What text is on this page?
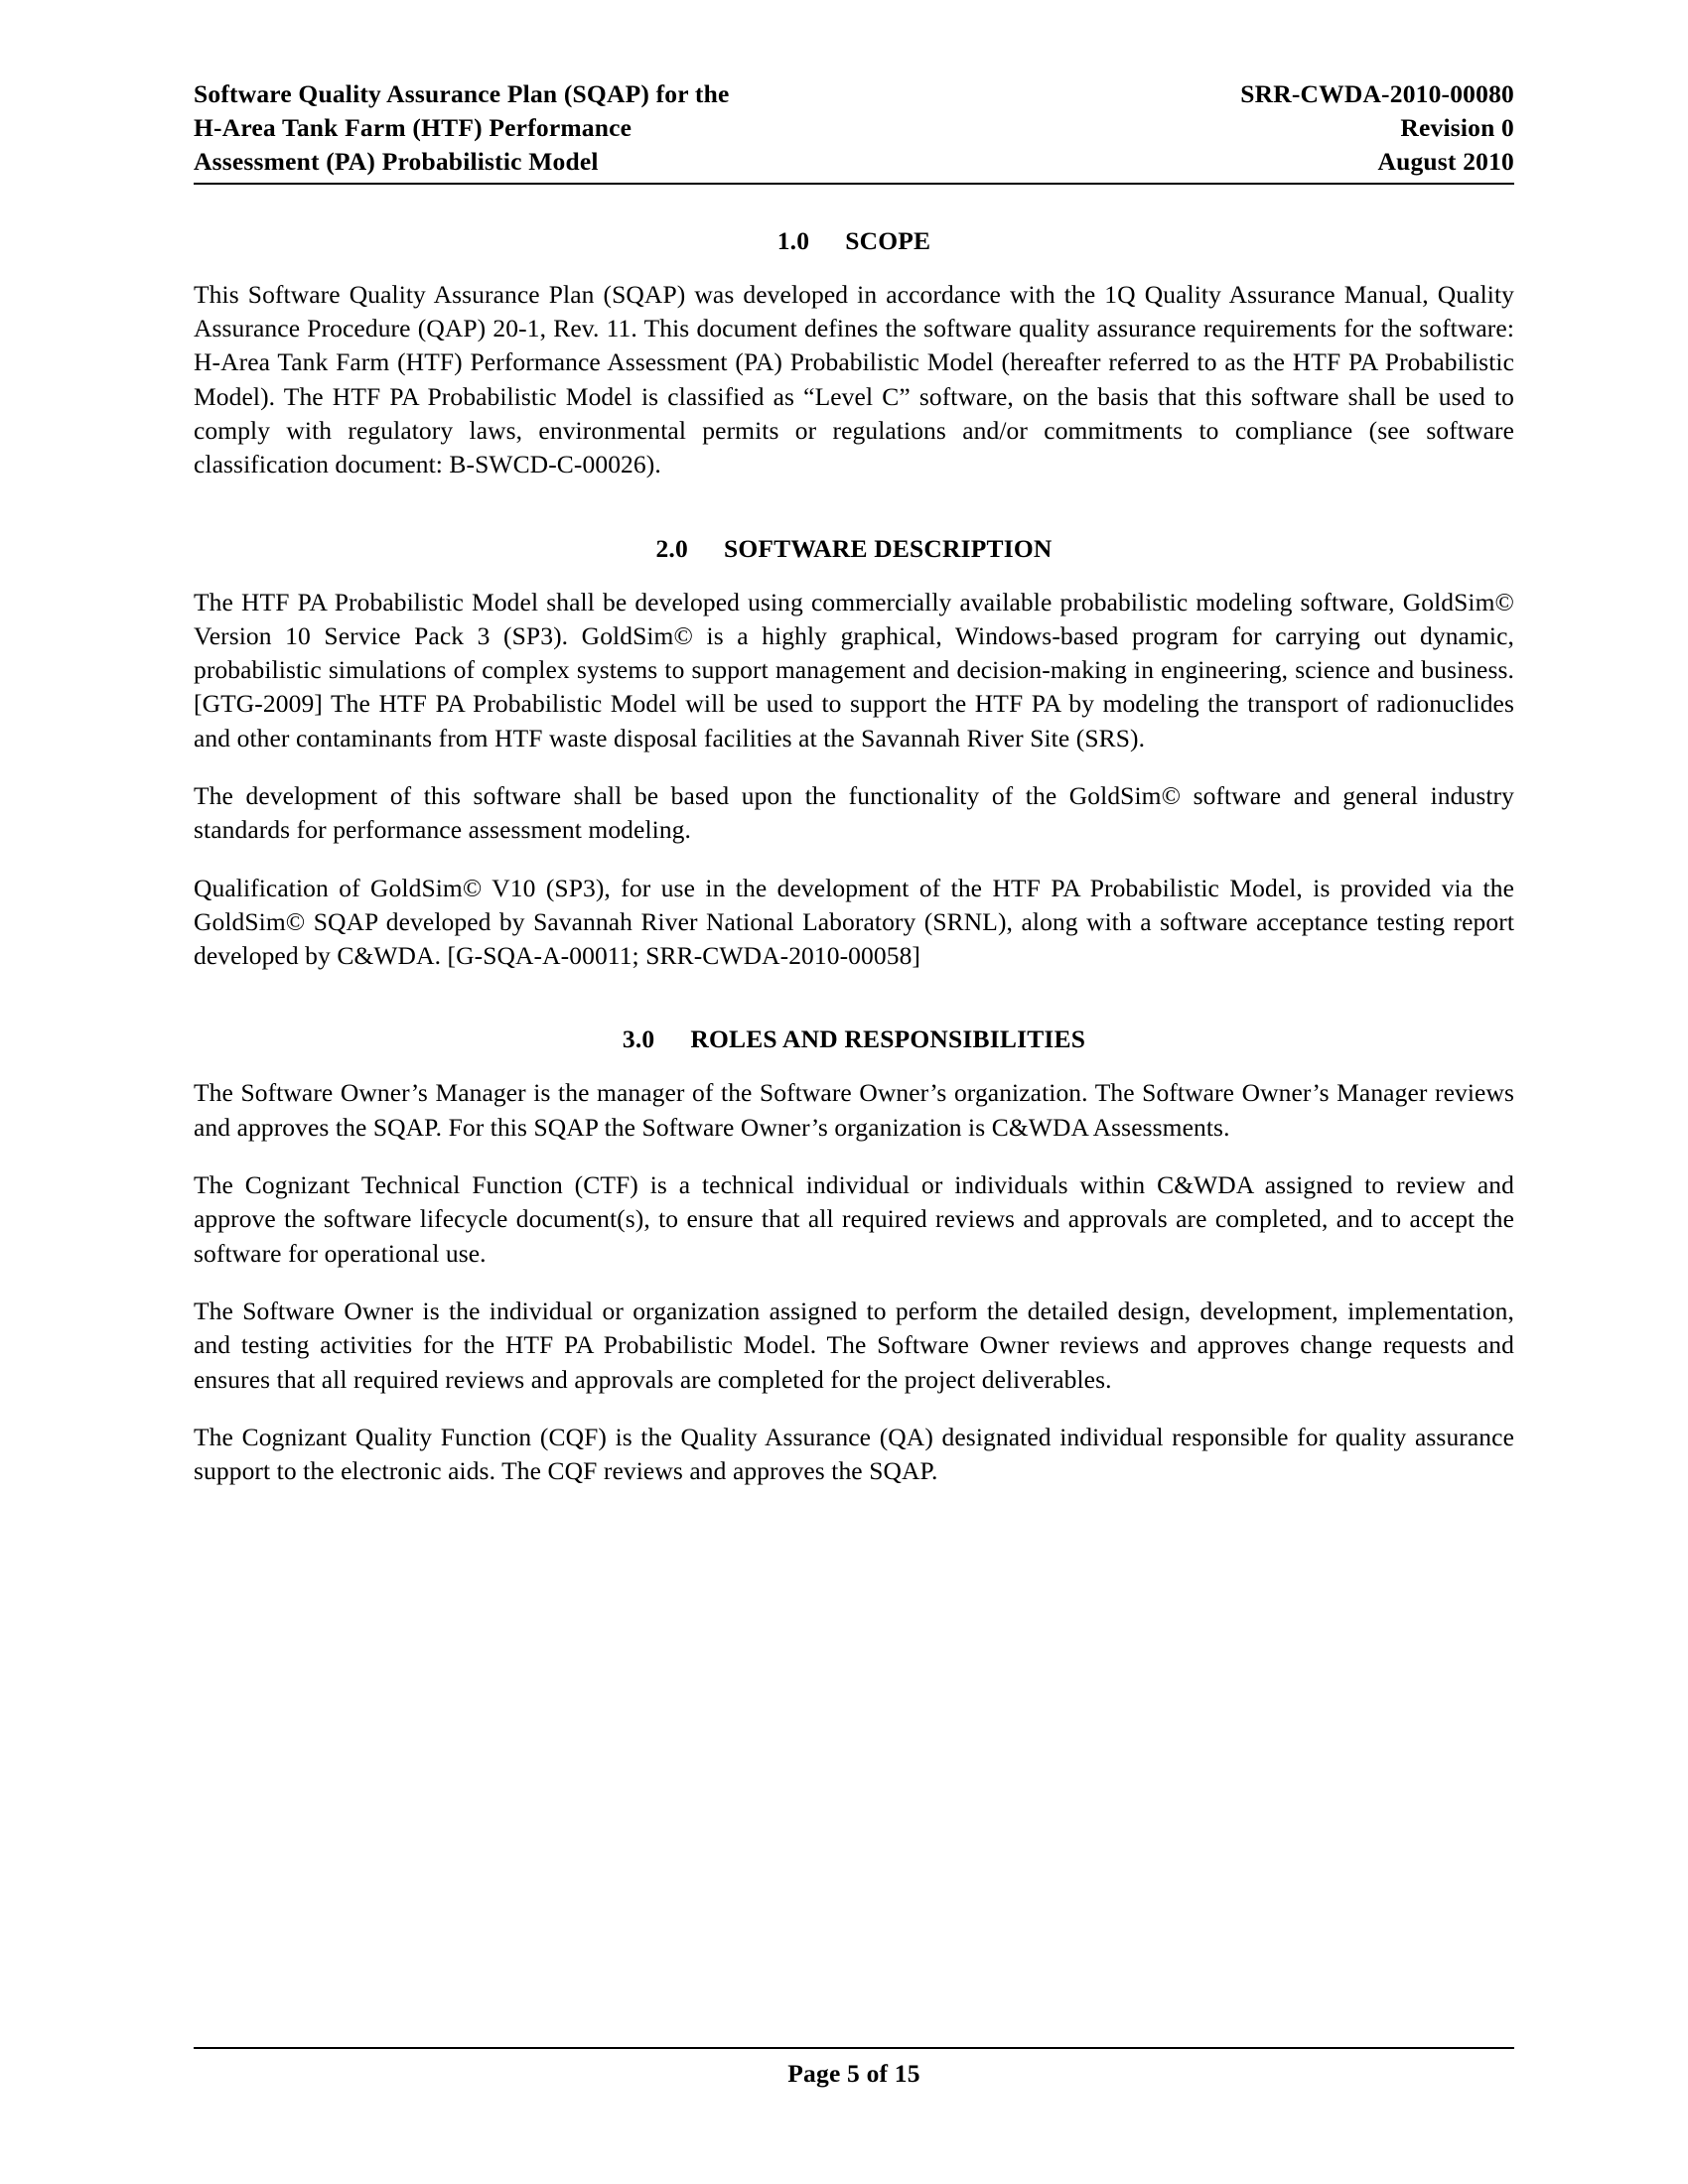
Software Quality Assurance Plan (SQAP) for the
H-Area Tank Farm (HTF) Performance
Assessment (PA) Probabilistic Model
SRR-CWDA-2010-00080
Revision 0
August 2010
1.0 SCOPE

This Software Quality Assurance Plan (SQAP) was developed in accordance with the 1Q Quality Assurance Manual, Quality Assurance Procedure (QAP) 20-1, Rev. 11. This document defines the software quality assurance requirements for the software: H-Area Tank Farm (HTF) Performance Assessment (PA) Probabilistic Model (hereafter referred to as the HTF PA Probabilistic Model). The HTF PA Probabilistic Model is classified as “Level C” software, on the basis that this software shall be used to comply with regulatory laws, environmental permits or regulations and/or commitments to compliance (see software classification document: B-SWCD-C-00026).

2.0 SOFTWARE DESCRIPTION

The HTF PA Probabilistic Model shall be developed using commercially available probabilistic modeling software, GoldSim© Version 10 Service Pack 3 (SP3). GoldSim© is a highly graphical, Windows-based program for carrying out dynamic, probabilistic simulations of complex systems to support management and decision-making in engineering, science and business. [GTG-2009] The HTF PA Probabilistic Model will be used to support the HTF PA by modeling the transport of radionuclides and other contaminants from HTF waste disposal facilities at the Savannah River Site (SRS).

The development of this software shall be based upon the functionality of the GoldSim© software and general industry standards for performance assessment modeling.

Qualification of GoldSim© V10 (SP3), for use in the development of the HTF PA Probabilistic Model, is provided via the GoldSim© SQAP developed by Savannah River National Laboratory (SRNL), along with a software acceptance testing report developed by C&WDA. [G-SQA-A-00011; SRR-CWDA-2010-00058]

3.0 ROLES AND RESPONSIBILITIES

The Software Owner’s Manager is the manager of the Software Owner’s organization. The Software Owner’s Manager reviews and approves the SQAP. For this SQAP the Software Owner’s organization is C&WDA Assessments.

The Cognizant Technical Function (CTF) is a technical individual or individuals within C&WDA assigned to review and approve the software lifecycle document(s), to ensure that all required reviews and approvals are completed, and to accept the software for operational use.

The Software Owner is the individual or organization assigned to perform the detailed design, development, implementation, and testing activities for the HTF PA Probabilistic Model. The Software Owner reviews and approves change requests and ensures that all required reviews and approvals are completed for the project deliverables.

The Cognizant Quality Function (CQF) is the Quality Assurance (QA) designated individual responsible for quality assurance support to the electronic aids. The CQF reviews and approves the SQAP.

Page 5 of 15
